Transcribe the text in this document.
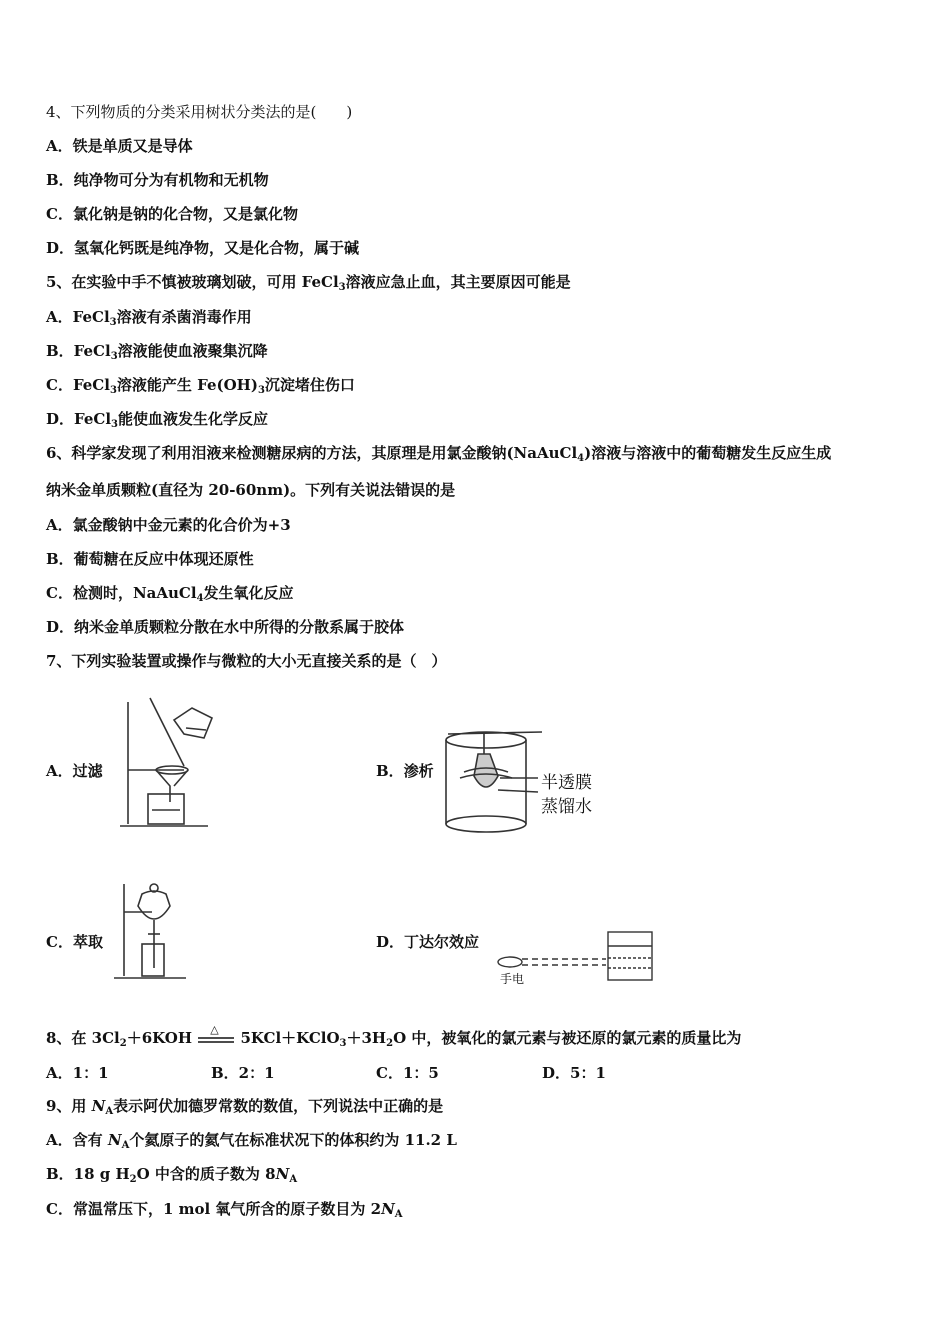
4、下列物质的分类采用树状分类法的是(　　)
A．铁是单质又是导体
B．纯净物可分为有机物和无机物
C．氯化钠是钠的化合物，又是氯化物
D．氢氧化钙既是纯净物，又是化合物，属于碱
5、在实验中手不慎被玻璃划破，可用 FeCl$_3$溶液应急止血，其主要原因可能是
A．FeCl$_3$溶液有杀菌消毒作用
B．FeCl$_3$溶液能使血液聚集沉降
C．FeCl$_3$溶液能产生 $Fe(OH)_3$沉淀堵住伤口
D．FeCl$_3$能使血液发生化学反应
6、科学家发现了利用泪液来检测糖尿病的方法，其原理是用氯金酸钠(NaAuCl$_4$)溶液与溶液中的葡萄糖发生反应生成
纳米金单质颗粒(直径为 20-60nm)。下列有关说法错误的是
A．氯金酸钠中金元素的化合价为+3
B．葡萄糖在反应中体现还原性
C．检测时，NaAuCl$_4$发生氧化反应
D．纳米金单质颗粒分散在水中所得的分散系属于胶体
7、下列实验装置或操作与微粒的大小无直接关系的是（　）
A．过滤	B．渗析
半透膜
蒸馏水
C．萃取	D．丁达尔效应
手电
8、在 $3Cl_2+6KOH$ △ $5KCl+KClO_3+3H_2O$ 中，被氧化的氯元素与被还原的氯元素的质量比为
A．1：1	B．2：1	C．1：5	D．5：1
9、用 $N_A$表示阿伏加德罗常数的数值，下列说法中正确的是
A．含有 $N_A$个氦原子的氦气在标准状况下的体积约为 11.2 L
B．18 g $H_2O$ 中含的质子数为 $8N_A$
C．常温常压下，1 mol 氧气所含的原子数目为 $2N_A$
